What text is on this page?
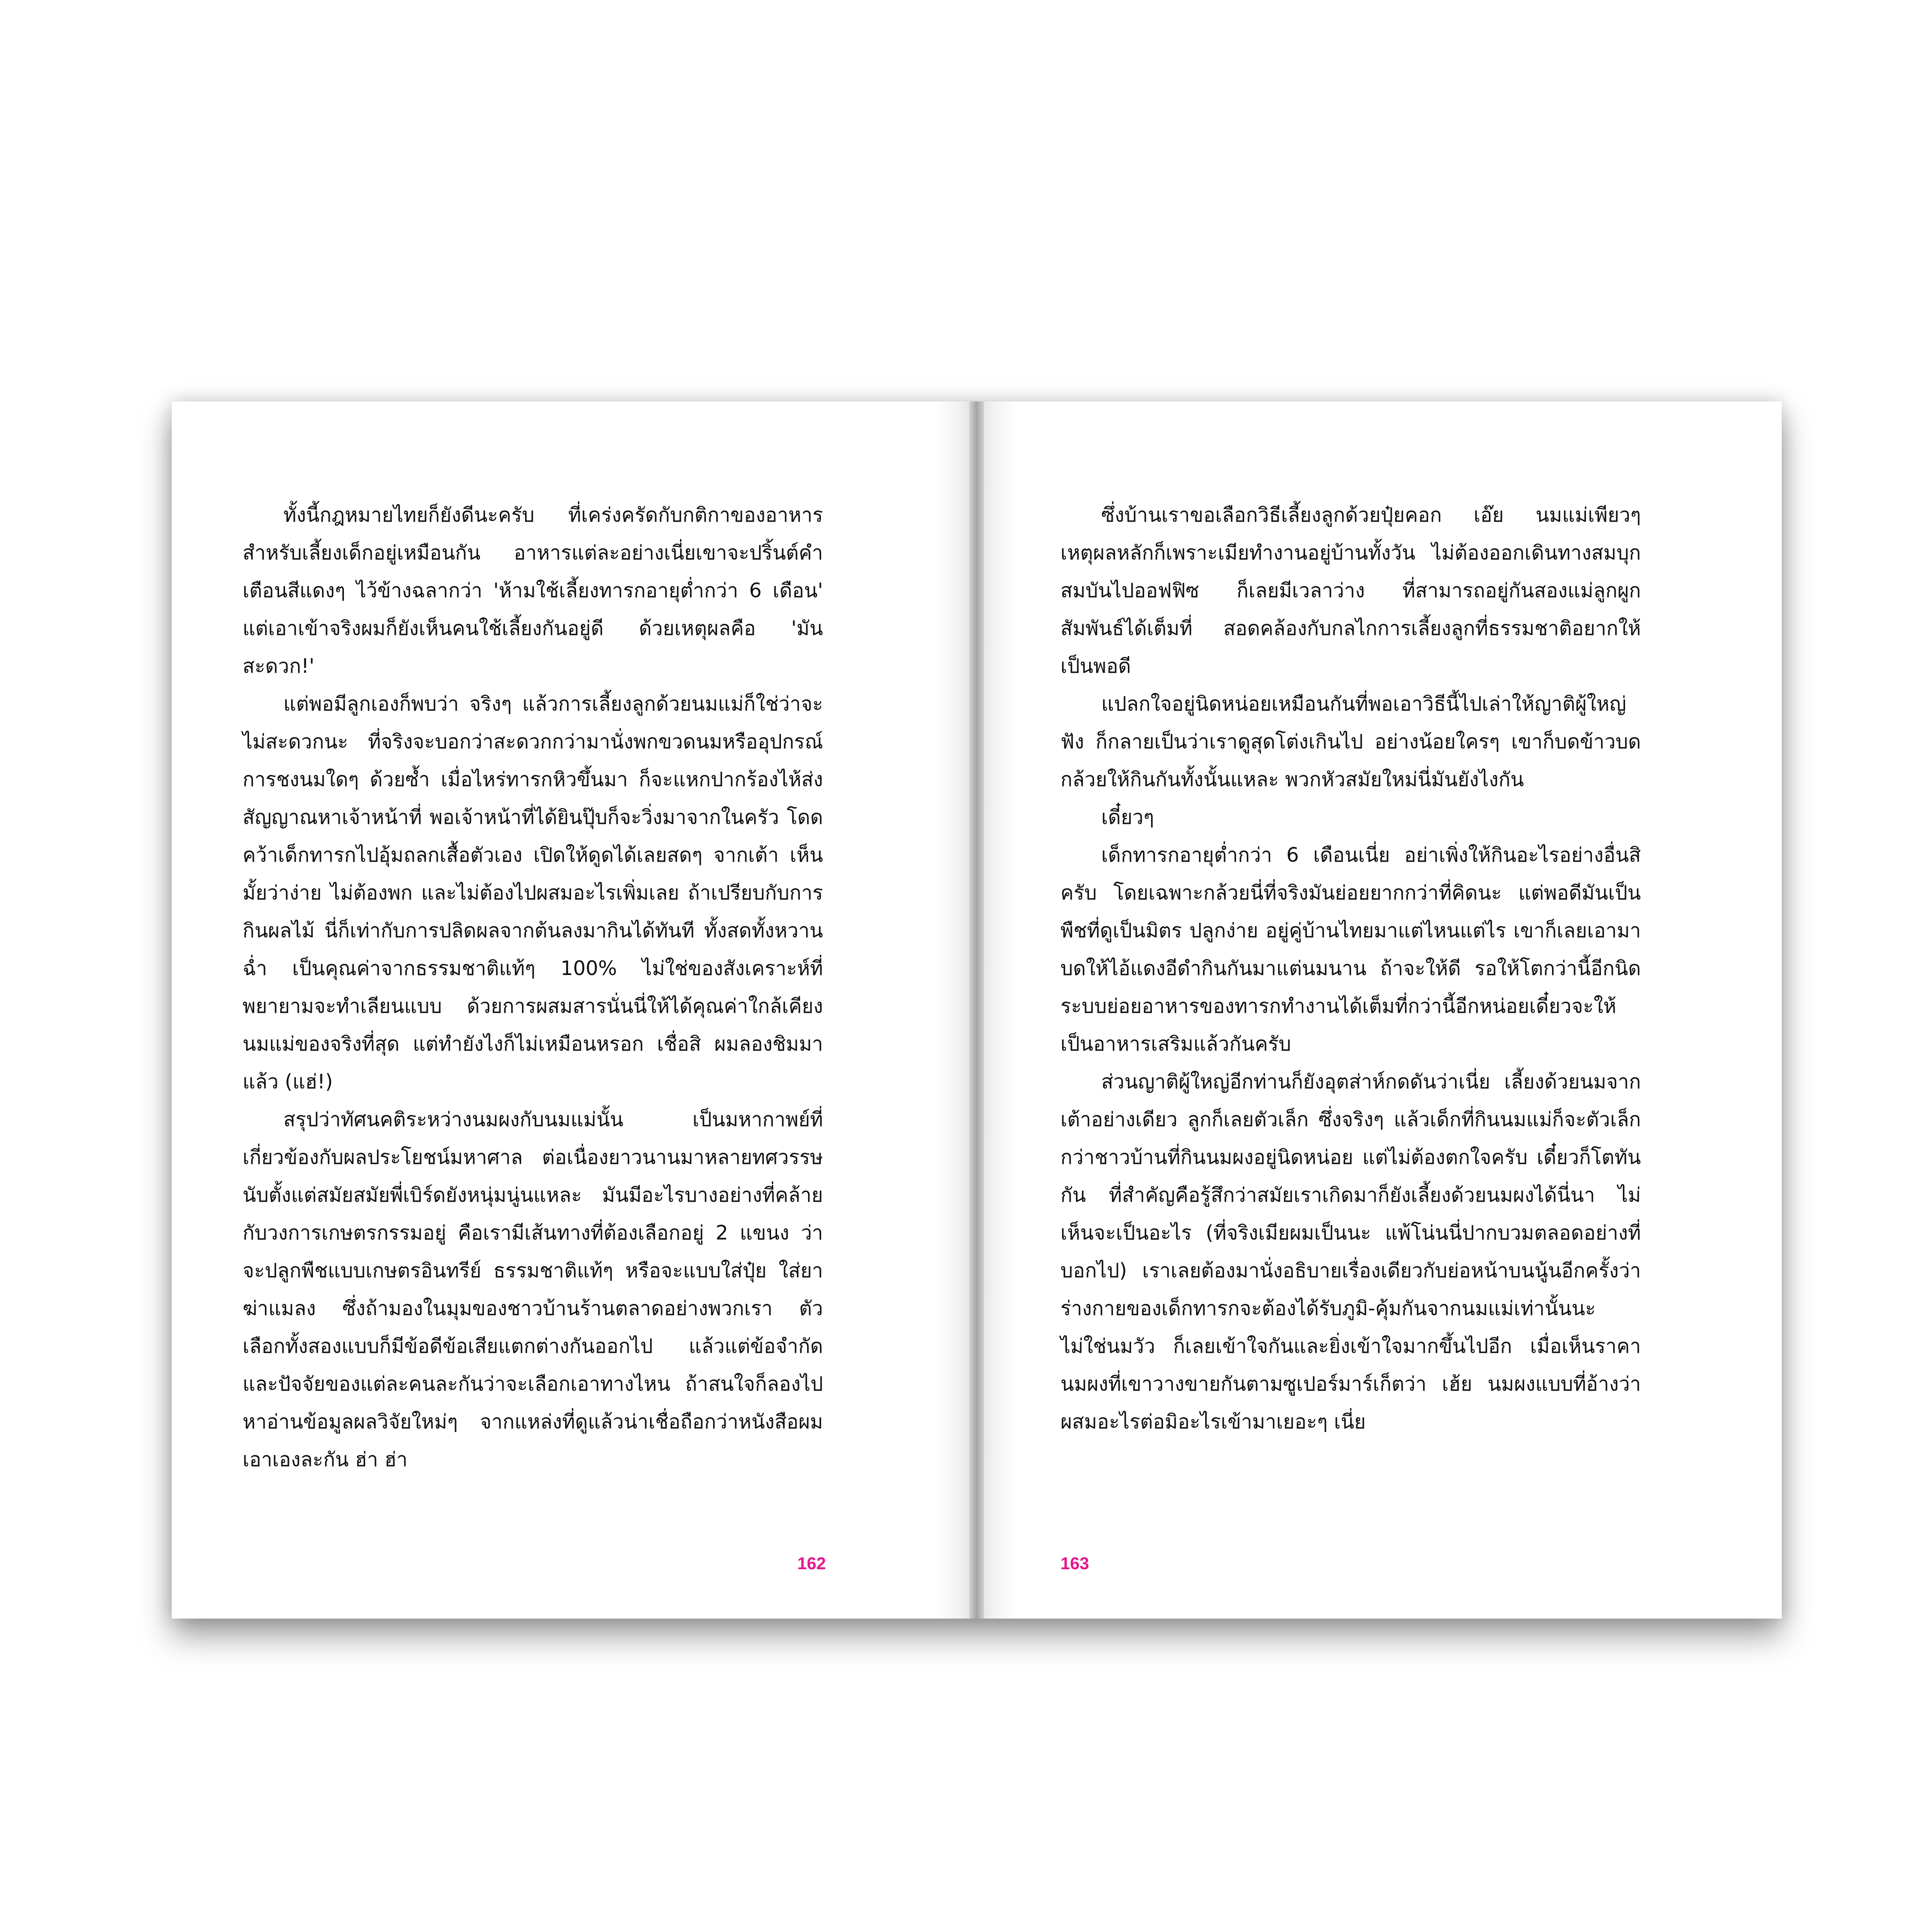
ทั้งนี้กฎหมายไทยก็ยังดีนะครับ ที่เคร่งครัดกับกติกาของอาหารสำหรับเลี้ยงเด็กอยู่เหมือนกัน อาหารแต่ละอย่างเนี่ยเขาจะปริ้นต์คำเตือนสีแดงๆ ไว้ข้างฉลากว่า 'ห้ามใช้เลี้ยงทารกอายุต่ำกว่า 6 เดือน' แต่เอาเข้าจริงผมก็ยังเห็นคนใช้เลี้ยงกันอยู่ดี ด้วยเหตุผลคือ 'มันสะดวก!'

แต่พอมีลูกเองก็พบว่า จริงๆ แล้วการเลี้ยงลูกด้วยนมแม่ก็ใช่ว่าจะไม่สะดวกนะ ที่จริงจะบอกว่าสะดวกกว่ามานั่งพกขวดนมหรืออุปกรณ์การชงนมใดๆ ด้วยซ้ำ เมื่อไหร่ทารกหิวขึ้นมา ก็จะแหกปากร้องไห้ส่งสัญญาณหาเจ้าหน้าที่ พอเจ้าหน้าที่ได้ยินปุ๊บก็จะวิ่งมาจากในครัว โดดคว้าเด็กทารกไปอุ้มถลกเสื้อตัวเอง เปิดให้ดูดได้เลยสดๆ จากเต้า เห็นมั้ยว่าง่าย ไม่ต้องพก และไม่ต้องไปผสมอะไรเพิ่มเลย ถ้าเปรียบกับการกินผลไม้ นี่ก็เท่ากับการปลิดผลจากต้นลงมากินได้ทันที ทั้งสดทั้งหวานฉ่ำ เป็นคุณค่าจากธรรมชาติแท้ๆ 100% ไม่ใช่ของสังเคราะห์ที่พยายามจะทำเลียนแบบ ด้วยการผสมสารนั่นนี่ให้ได้คุณค่าใกล้เคียงนมแม่ของจริงที่สุด แต่ทำยังไงก็ไม่เหมือนหรอก เชื่อสิ ผมลองชิมมาแล้ว (แฮ่!)

สรุปว่าทัศนคติระหว่างนมผงกับนมแม่นั้น เป็นมหากาพย์ที่เกี่ยวข้องกับผลประโยชน์มหาศาล ต่อเนื่องยาวนานมาหลายทศวรรษนับตั้งแต่สมัยสมัยพี่เบิร์ดยังหนุ่มนู่นแหละ มันมีอะไรบางอย่างที่คล้ายกับวงการเกษตรกรรมอยู่ คือเรามีเส้นทางที่ต้องเลือกอยู่ 2 แขนง ว่าจะปลูกพืชแบบเกษตรอินทรีย์ ธรรมชาติแท้ๆ หรือจะแบบใส่ปุ๋ย ใส่ยาฆ่าแมลง ซึ่งถ้ามองในมุมของชาวบ้านร้านตลาดอย่างพวกเรา ตัวเลือกทั้งสองแบบก็มีข้อดีข้อเสียแตกต่างกันออกไป แล้วแต่ข้อจำกัดและปัจจัยของแต่ละคนละกันว่าจะเลือกเอาทางไหน ถ้าสนใจก็ลองไปหาอ่านข้อมูลผลวิจัยใหม่ๆ จากแหล่งที่ดูแล้วน่าเชื่อถือกว่าหนังสือผมเอาเองละกัน ฮ่า ฮ่า

162

ซึ่งบ้านเราขอเลือกวิธีเลี้ยงลูกด้วยปุ๋ยคอก เอ๊ย นมแม่เพียวๆ เหตุผลหลักก็เพราะเมียทำงานอยู่บ้านทั้งวัน ไม่ต้องออกเดินทางสมบุกสมบันไปออฟฟิซ ก็เลยมีเวลาว่าง ที่สามารถอยู่กันสองแม่ลูกผูกสัมพันธ์ได้เต็มที่ สอดคล้องกับกลไกการเลี้ยงลูกที่ธรรมชาติอยากให้เป็นพอดี

แปลกใจอยู่นิดหน่อยเหมือนกันที่พอเอาวิธีนี้ไปเล่าให้ญาติผู้ใหญ่ฟัง ก็กลายเป็นว่าเราดูสุดโต่งเกินไป อย่างน้อยใครๆ เขาก็บดข้าวบดกล้วยให้กินกันทั้งนั้นแหละ พวกหัวสมัยใหม่นี่มันยังไงกัน

เดี๋ยวๆ

เด็กทารกอายุต่ำกว่า 6 เดือนเนี่ย อย่าเพิ่งให้กินอะไรอย่างอื่นสิครับ โดยเฉพาะกล้วยนี่ที่จริงมันย่อยยากกว่าที่คิดนะ แต่พอดีมันเป็นพืชที่ดูเป็นมิตร ปลูกง่าย อยู่คู่บ้านไทยมาแต่ไหนแต่ไร เขาก็เลยเอามาบดให้ไอ้แดงอีดำกินกันมาแต่นมนาน ถ้าจะให้ดี รอให้โตกว่านี้อีกนิด ระบบย่อยอาหารของทารกทำงานได้เต็มที่กว่านี้อีกหน่อยเดี๋ยวจะให้เป็นอาหารเสริมแล้วกันครับ

ส่วนญาติผู้ใหญ่อีกท่านก็ยังอุตส่าห์กดดันว่าเนี่ย เลี้ยงด้วยนมจากเต้าอย่างเดียว ลูกก็เลยตัวเล็ก ซึ่งจริงๆ แล้วเด็กที่กินนมแม่ก็จะตัวเล็กกว่าชาวบ้านที่กินนมผงอยู่นิดหน่อย แต่ไม่ต้องตกใจครับ เดี๋ยวก็โตทันกัน ที่สำคัญคือรู้สึกว่าสมัยเราเกิดมาก็ยังเลี้ยงด้วยนมผงได้นี่นา ไม่เห็นจะเป็นอะไร (ที่จริงเมียผมเป็นนะ แพ้โน่นนี่ปากบวมตลอดอย่างที่บอกไป) เราเลยต้องมานั่งอธิบายเรื่องเดียวกับย่อหน้าบนนู้นอีกครั้งว่าร่างกายของเด็กทารกจะต้องได้รับภูมิ-คุ้มกันจากนมแม่เท่านั้นนะ ไม่ใช่นมวัว ก็เลยเข้าใจกันและยิ่งเข้าใจมากขึ้นไปอีก เมื่อเห็นราคานมผงที่เขาวางขายกันตามซูเปอร์มาร์เก็ตว่า เฮ้ย นมผงแบบที่อ้างว่าผสมอะไรต่อมิอะไรเข้ามาเยอะๆ เนี่ย

163
